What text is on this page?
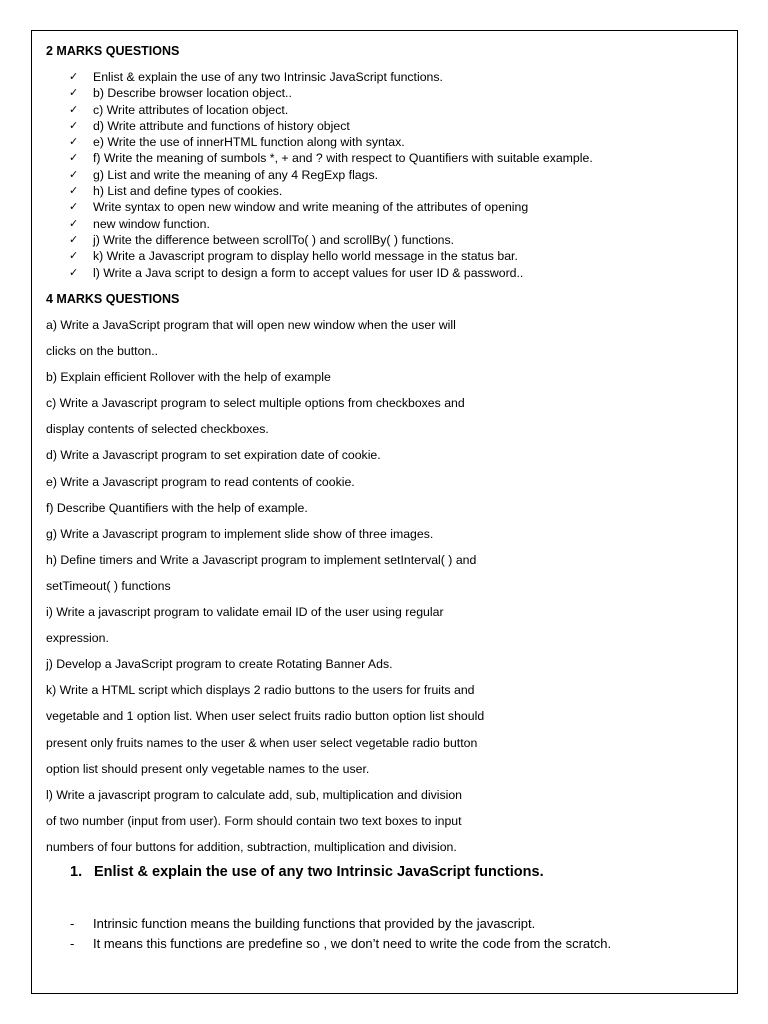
2 MARKS QUESTIONS
✓	Enlist & explain the use of any two Intrinsic JavaScript functions.
✓	b) Describe browser location object..
✓	c) Write attributes of location object.
✓	d) Write attribute and functions of history object
✓	e) Write the use of innerHTML function along with syntax.
✓	f) Write the meaning of sumbols *, + and ? with respect to Quantifiers with suitable example.
✓	g) List and write the meaning of any 4 RegExp flags.
✓	h) List and define types of cookies.
✓	Write syntax to open new window and write meaning of the attributes of opening
✓	new window function.
✓	j) Write the difference between scrollTo( ) and scrollBy( ) functions.
✓	k) Write a Javascript program to display hello world message in the status bar.
✓	l) Write a Java script to design a form to accept values for user ID & password..
4 MARKS QUESTIONS
a) Write a JavaScript program that will open new window when the user will
clicks on the button..
b) Explain efficient Rollover with the help of example
c) Write a Javascript program to select multiple options from checkboxes and
display contents of selected checkboxes.
d) Write a Javascript program to set expiration date of cookie.
e) Write a Javascript program to read contents of cookie.
f) Describe Quantifiers with the help of example.
g) Write a Javascript program to implement slide show of three images.
h) Define timers and Write a Javascript program to implement setInterval( ) and
setTimeout( ) functions
i) Write a javascript program to validate email ID of the user using regular
expression.
j) Develop a JavaScript program to create Rotating Banner Ads.
k) Write a HTML script which displays 2 radio buttons to the users for fruits and
vegetable and 1 option list. When user select fruits radio button option list should
present only fruits names to the user & when user select vegetable radio button
option list should present only vegetable names to the user.
l) Write a javascript program to calculate add, sub, multiplication and division
of two number (input from user). Form should contain two text boxes to input
numbers of four buttons for addition, subtraction, multiplication and division.
1. Enlist & explain the use of any two Intrinsic JavaScript functions.
-	Intrinsic function means the building functions that provided by the javascript.
-	It means this functions are predefine so , we don’t need to write the code from the scratch.
